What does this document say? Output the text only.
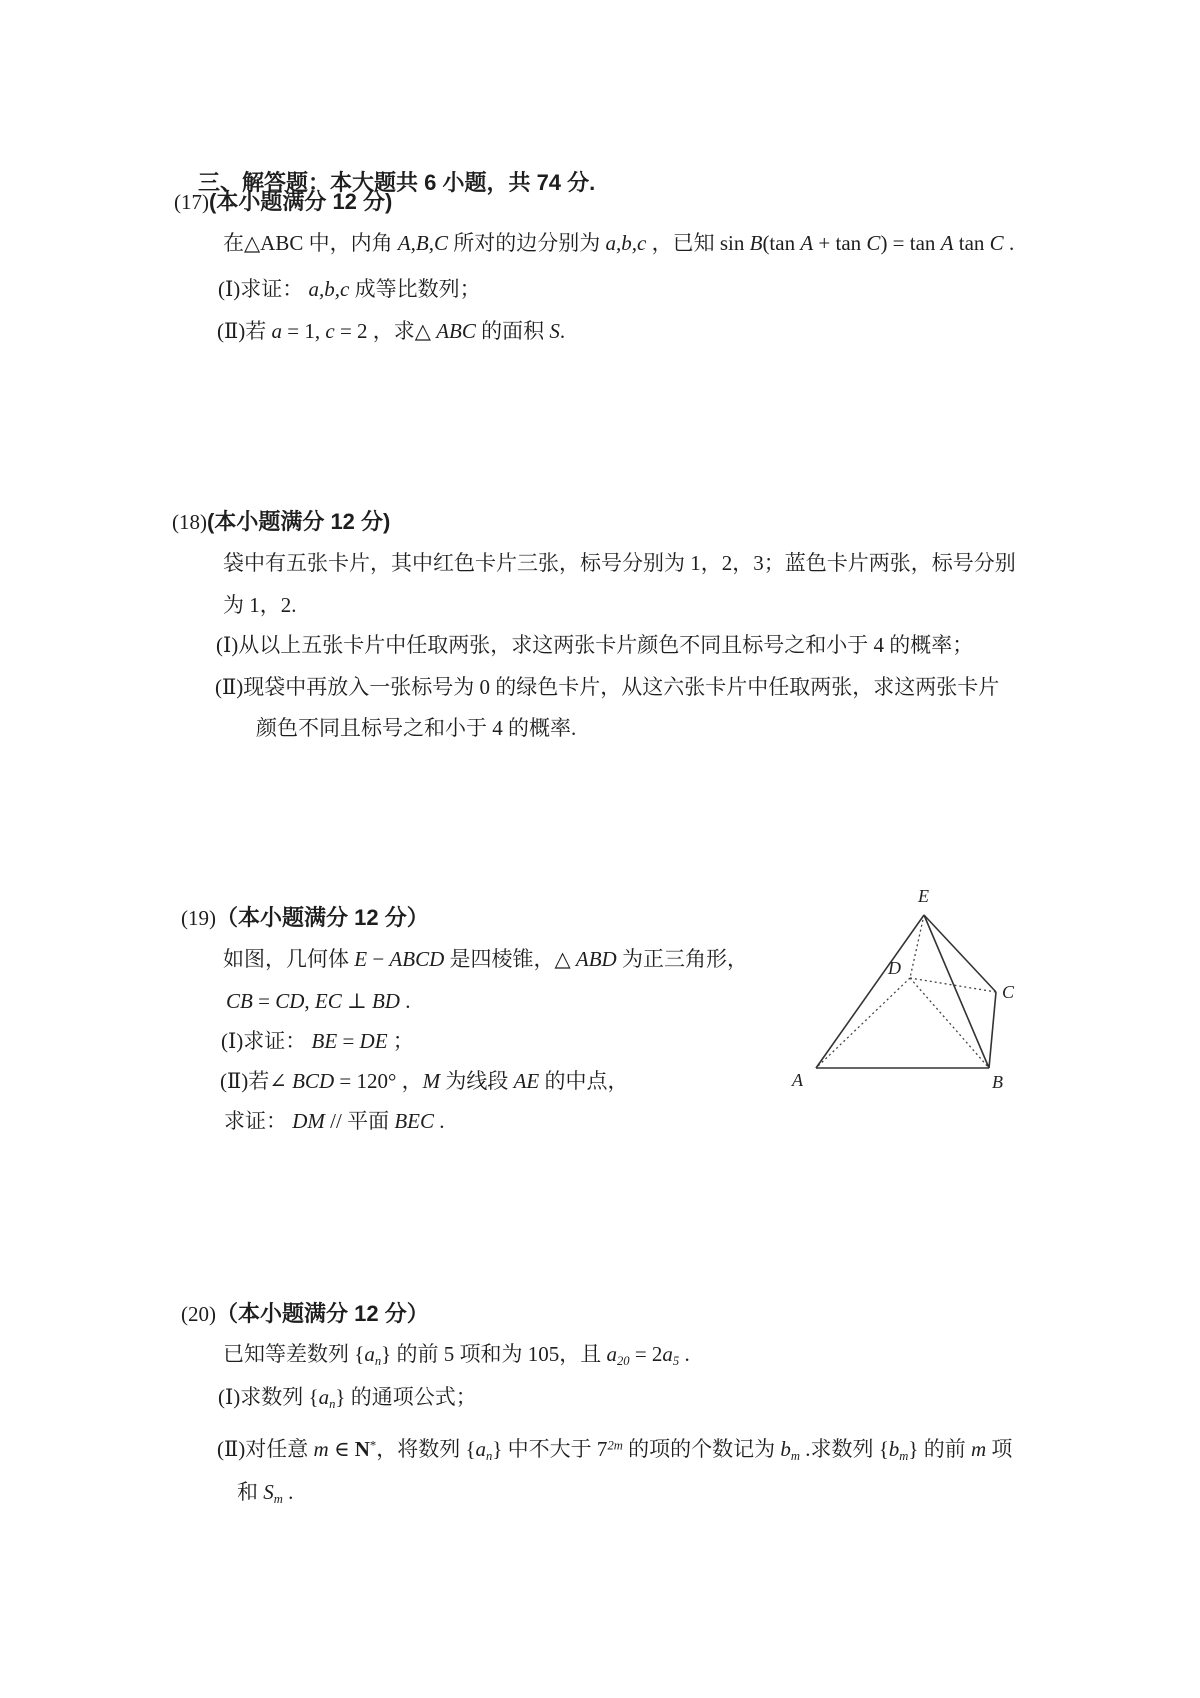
三、解答题：本大题共 6 小题，共 74 分.

(17)(本小题满分 12 分)
在△ABC 中，内角 A,B,C 所对的边分别为 a,b,c ，已知 sin B(tan A + tan C) = tan A tan C .
(Ⅰ)求证： a,b,c 成等比数列；
(Ⅱ)若 a = 1, c = 2 ，求△ ABC 的面积 S.
(18)(本小题满分 12 分)
袋中有五张卡片，其中红色卡片三张，标号分别为 1，2，3；蓝色卡片两张，标号分别
为 1，2.
(Ⅰ)从以上五张卡片中任取两张，求这两张卡片颜色不同且标号之和小于 4 的概率；
(Ⅱ)现袋中再放入一张标号为 0 的绿色卡片，从这六张卡片中任取两张，求这两张卡片
颜色不同且标号之和小于 4 的概率.
(19)（本小题满分 12 分）
如图，几何体 E − ABCD 是四棱锥，△ ABD 为正三角形，
CB = CD, EC ⊥ BD .
(Ⅰ)求证： BE = DE ；
(Ⅱ)若∠ BCD = 120° ，M 为线段 AE 的中点，
求证： DM // 平面 BEC .
(20)（本小题满分 12 分）
已知等差数列 {an} 的前 5 项和为 105，且 a20 = 2a5 .
(Ⅰ)求数列 {an} 的通项公式；
(Ⅱ)对任意 m ∈ N*，将数列 {an} 中不大于 $7^{2m}$ 的项的个数记为 bm .求数列 {bm} 的前 m 项
和 Sm .
E
D
C
A	B
